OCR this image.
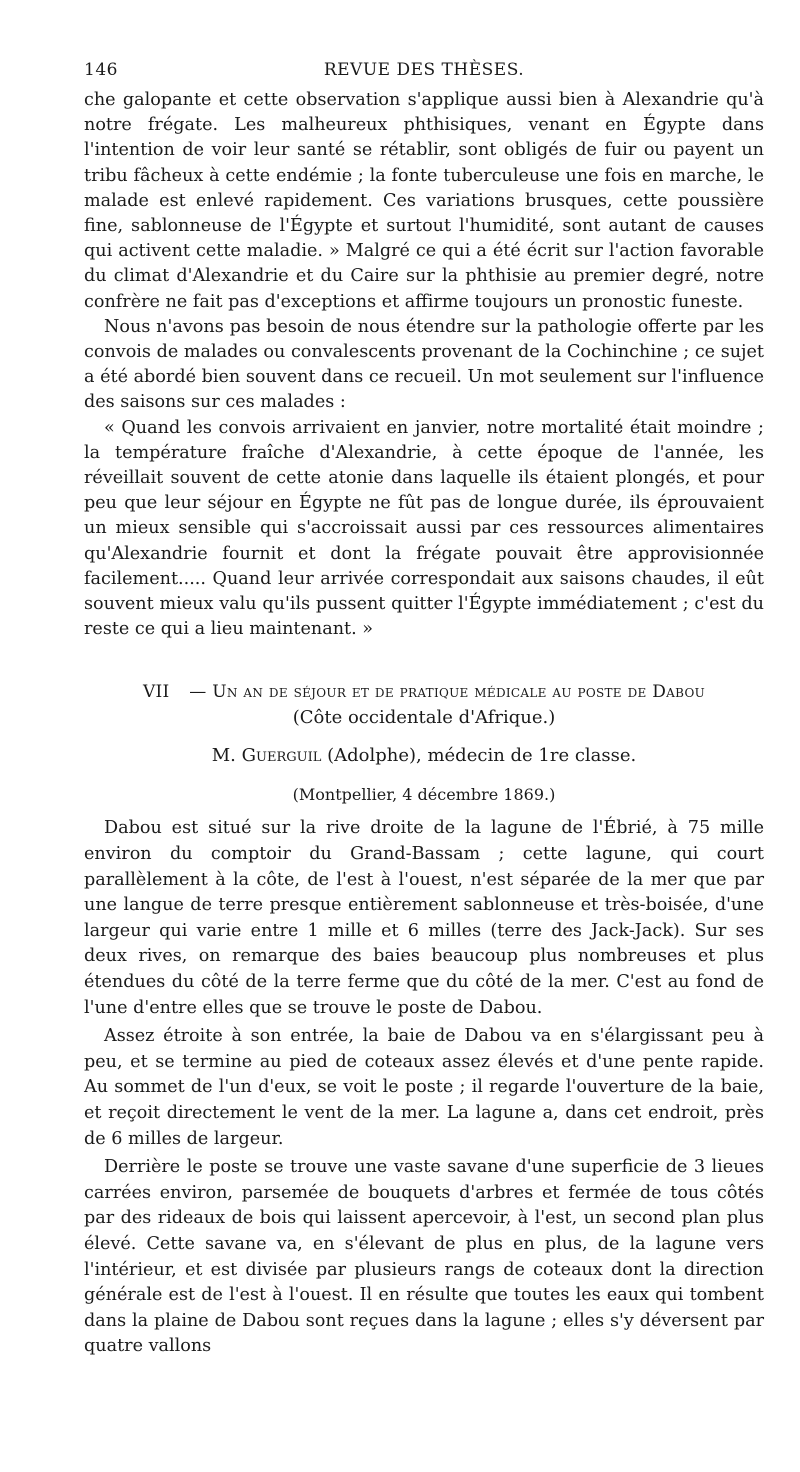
146	REVUE DES THÈSES.

che galopante et cette observation s'applique aussi bien à Alexandrie qu'à notre frégate. Les malheureux phthisiques, venant en Égypte dans l'intention de voir leur santé se rétablir, sont obligés de fuir ou payent un tribu fâcheux à cette endémie ; la fonte tuberculeuse une fois en marche, le malade est enlevé rapidement. Ces variations brusques, cette poussière fine, sablonneuse de l'Égypte et surtout l'humidité, sont autant de causes qui activent cette maladie. » Malgré ce qui a été écrit sur l'action favorable du climat d'Alexandrie et du Caire sur la phthisie au premier degré, notre confrère ne fait pas d'exceptions et affirme toujours un pronostic funeste.

Nous n'avons pas besoin de nous étendre sur la pathologie offerte par les convois de malades ou convalescents provenant de la Cochinchine ; ce sujet a été abordé bien souvent dans ce recueil. Un mot seulement sur l'influence des saisons sur ces malades :

« Quand les convois arrivaient en janvier, notre mortalité était moindre ; la température fraîche d'Alexandrie, à cette époque de l'année, les réveillait souvent de cette atonie dans laquelle ils étaient plongés, et pour peu que leur séjour en Égypte ne fût pas de longue durée, ils éprouvaient un mieux sensible qui s'accroissait aussi par ces ressources alimentaires qu'Alexandrie fournit et dont la frégate pouvait être approvisionnée facilement..... Quand leur arrivée correspondait aux saisons chaudes, il eût souvent mieux valu qu'ils pussent quitter l'Égypte immédiatement ; c'est du reste ce qui a lieu maintenant. »

VII — Un an de séjour et de pratique médicale au poste de Dabou
(Côte occidentale d'Afrique.)
M. Guerguil (Adolphe), médecin de 1re classe.
(Montpellier, 4 décembre 1869.)

Dabou est situé sur la rive droite de la lagune de l'Ébrié, à 75 mille environ du comptoir du Grand-Bassam ; cette lagune, qui court parallèlement à la côte, de l'est à l'ouest, n'est séparée de la mer que par une langue de terre presque entièrement sablonneuse et très-boisée, d'une largeur qui varie entre 1 mille et 6 milles (terre des Jack-Jack). Sur ses deux rives, on remarque des baies beaucoup plus nombreuses et plus étendues du côté de la terre ferme que du côté de la mer. C'est au fond de l'une d'entre elles que se trouve le poste de Dabou.

Assez étroite à son entrée, la baie de Dabou va en s'élargissant peu à peu, et se termine au pied de coteaux assez élevés et d'une pente rapide. Au sommet de l'un d'eux, se voit le poste ; il regarde l'ouverture de la baie, et reçoit directement le vent de la mer. La lagune a, dans cet endroit, près de 6 milles de largeur.

Derrière le poste se trouve une vaste savane d'une superficie de 3 lieues carrées environ, parsemée de bouquets d'arbres et fermée de tous côtés par des rideaux de bois qui laissent apercevoir, à l'est, un second plan plus élevé. Cette savane va, en s'élevant de plus en plus, de la lagune vers l'intérieur, et est divisée par plusieurs rangs de coteaux dont la direction générale est de l'est à l'ouest. Il en résulte que toutes les eaux qui tombent dans la plaine de Dabou sont reçues dans la lagune ; elles s'y déversent par quatre vallons
